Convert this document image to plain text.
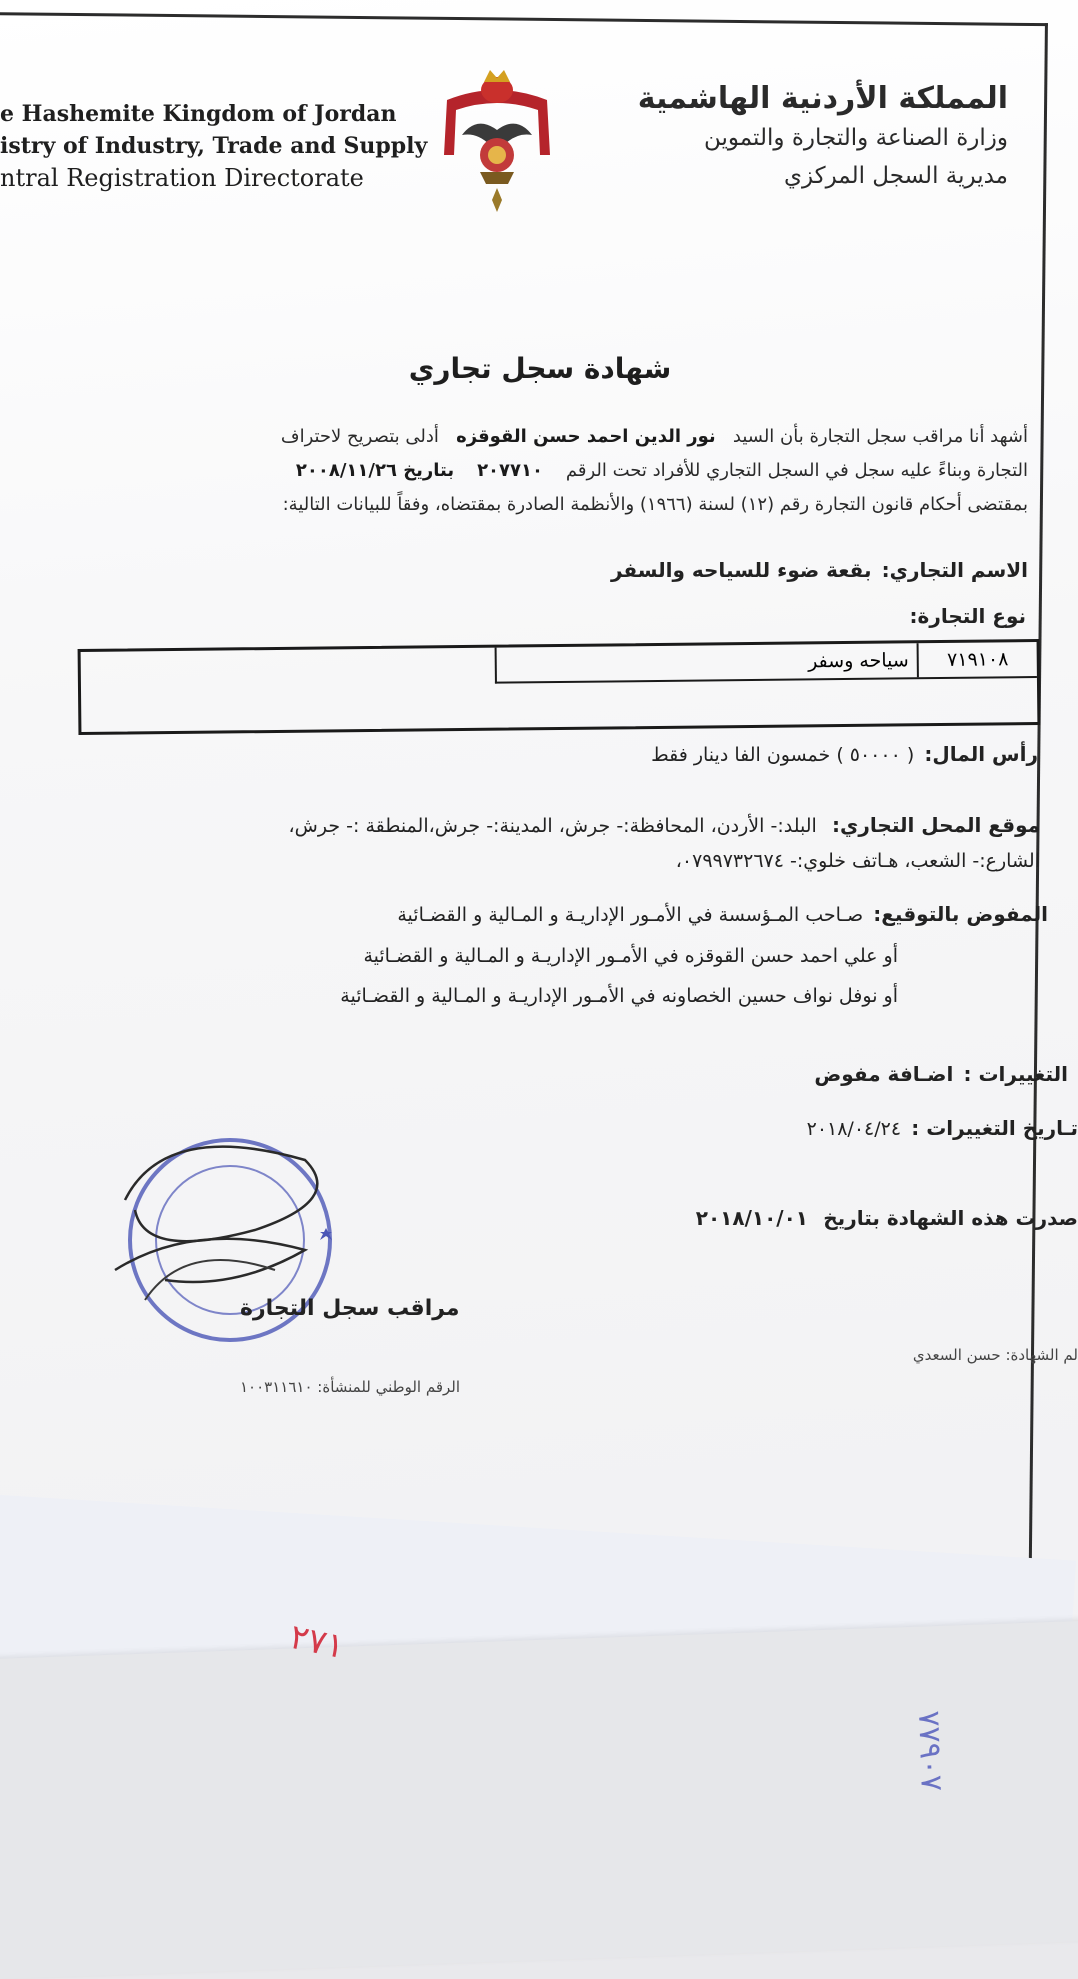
e Hashemite Kingdom of Jordan
istry of Industry, Trade and Supply
ntral Registration Directorate
المملكة الأردنية الهاشمية
وزارة الصناعة والتجارة والتموين
مديرية السجل المركزي
شهادة سجل تجاري

أشهد أنا مراقب سجل التجارة بأن السيد   نور الدين احمد حسن القوقزه   أدلى بتصريح لاحتراف

التجارة وبناءً عليه سجل في السجل التجاري للأفراد تحت الرقم    ٢٠٧٧١٠    بتاريخ ٢٠٠٨/١١/٢٦

بمقتضى أحكام قانون التجارة رقم (١٢) لسنة (١٩٦٦) والأنظمة الصادرة بمقتضاه، وفقاً للبيانات التالية:

الاسم التجاري:  بقعة ضوء للسياحه والسفر
نوع التجارة:
٧١٩١٠٨
سياحه وسفر
رأس المال:  ( ٥٠٠٠٠ ) خمسون الفا دينار فقط
موقع المحل التجاري:   البلد:- الأردن، المحافظة:- جرش، المدينة:- جرش،المنطقة :- جرش،
الشارع:- الشعب، هـاتف خلوي:- ٠٧٩٩٧٣٢٦٧٤،
المفوض بالتوقيع:  صـاحب المـؤسسة في الأمـور الإداريـة و المـالية و القضـائية
أو علي احمد حسن القوقزه في الأمـور الإداريـة و المـالية و القضـائية
أو نوفل نواف حسين الخصاونه في الأمـور الإداريـة و المـالية و القضـائية
التغييرات :  اضـافة مفوض
تـاريخ التغييرات :  ٢٠١٨/٠٤/٢٤
صدرت هذه الشهادة بتاريخ   ٢٠١٨/١٠/٠١
مراقب سجل التجارة
لم الشهادة: حسن السعدي
الرقم الوطني للمنشأة: ١٠٠٣١١٦١٠
٢٧١
٧٧٩٠٧
